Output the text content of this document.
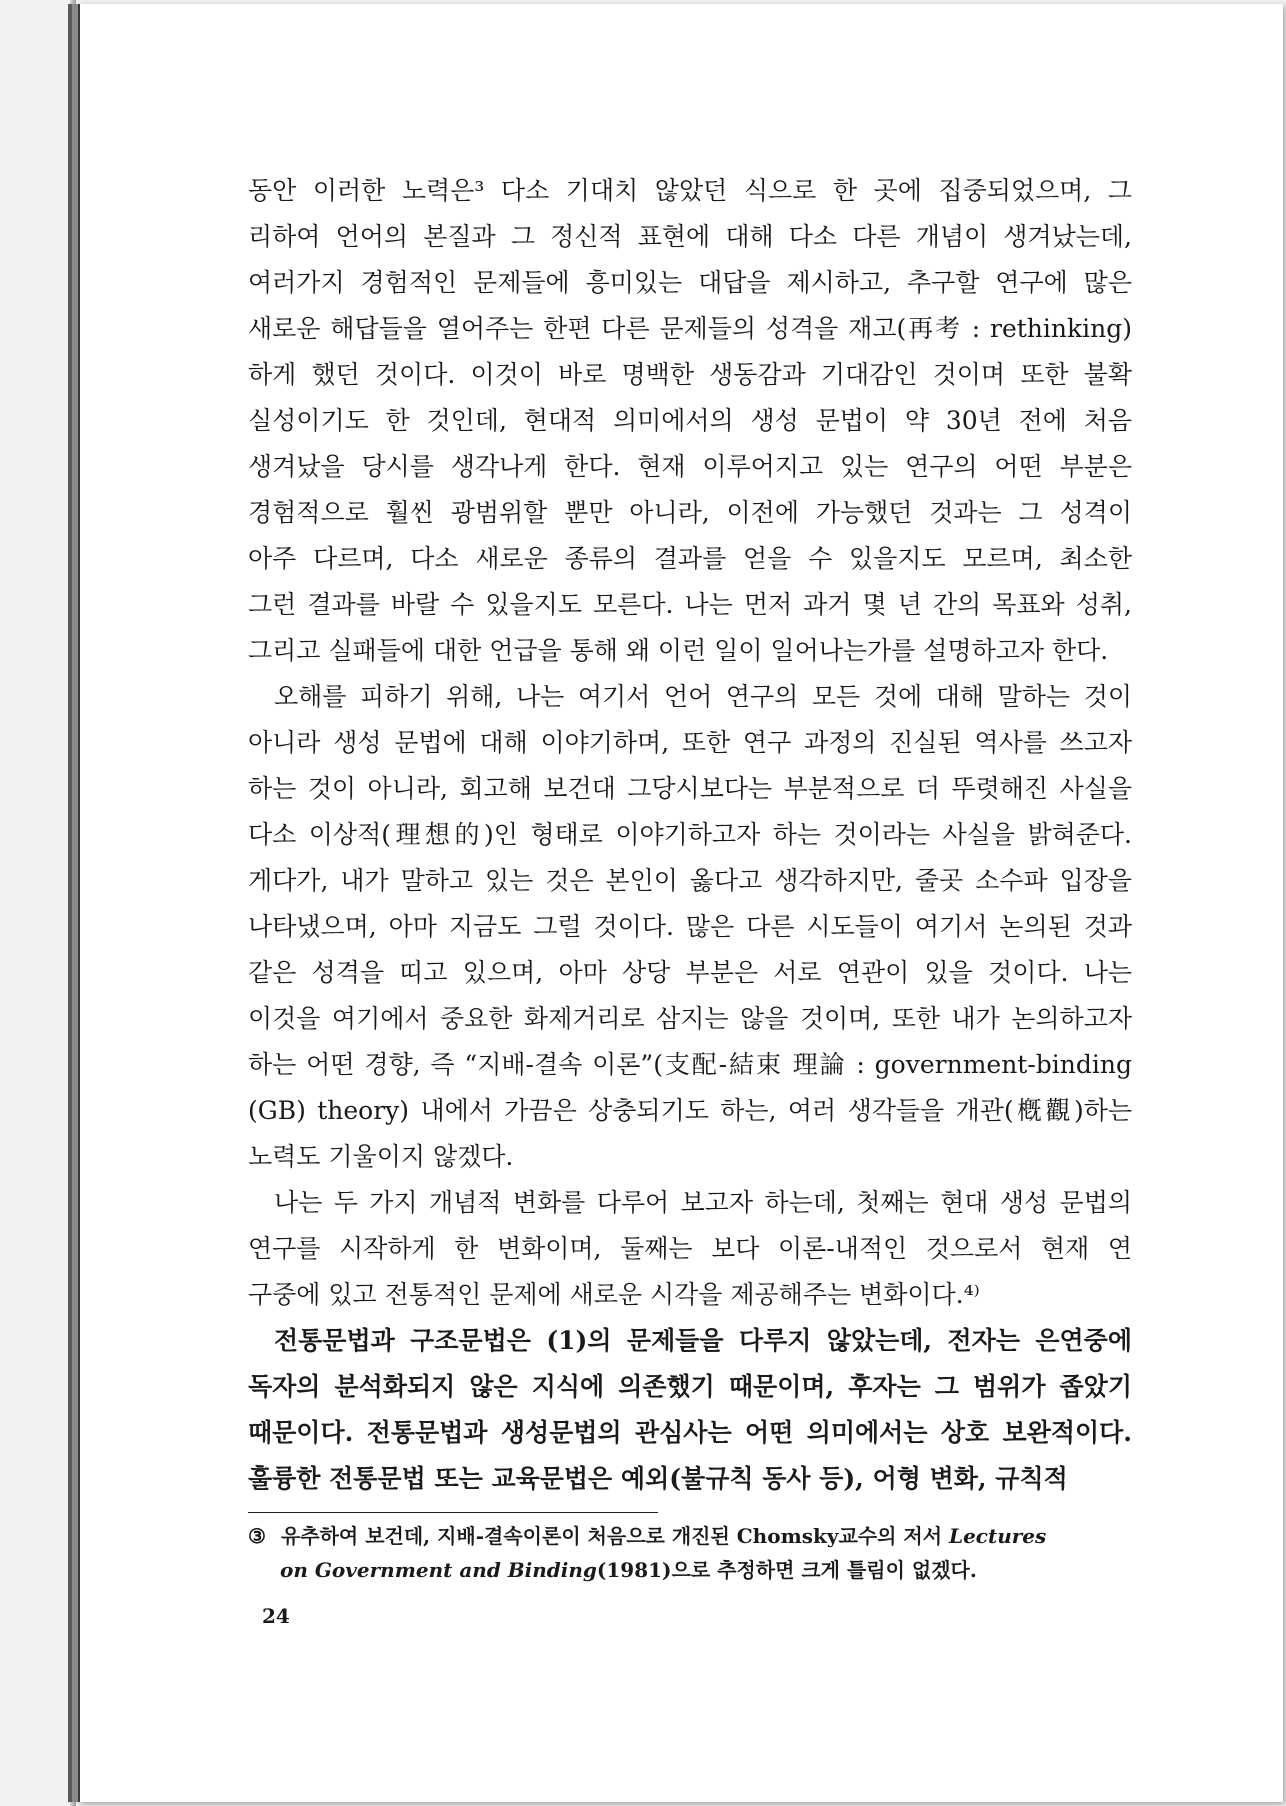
동안 이러한 노력은³ 다소 기대치 않았던 식으로 한 곳에 집중되었으며, 그
리하여 언어의 본질과 그 정신적 표현에 대해 다소 다른 개념이 생겨났는데,
여러가지 경험적인 문제들에 흥미있는 대답을 제시하고, 추구할 연구에 많은
새로운 해답들을 열어주는 한편 다른 문제들의 성격을 재고(再考 : rethinking)
하게 했던 것이다. 이것이 바로 명백한 생동감과 기대감인 것이며 또한 불확
실성이기도 한 것인데, 현대적 의미에서의 생성 문법이 약 30년 전에 처음
생겨났을 당시를 생각나게 한다. 현재 이루어지고 있는 연구의 어떤 부분은
경험적으로 훨씬 광범위할 뿐만 아니라, 이전에 가능했던 것과는 그 성격이
아주 다르며, 다소 새로운 종류의 결과를 얻을 수 있을지도 모르며, 최소한
그런 결과를 바랄 수 있을지도 모른다. 나는 먼저 과거 몇 년 간의 목표와 성취,
그리고 실패들에 대한 언급을 통해 왜 이런 일이 일어나는가를 설명하고자 한다.
오해를 피하기 위해, 나는 여기서 언어 연구의 모든 것에 대해 말하는 것이
아니라 생성 문법에 대해 이야기하며, 또한 연구 과정의 진실된 역사를 쓰고자
하는 것이 아니라, 회고해 보건대 그당시보다는 부분적으로 더 뚜렷해진 사실을
다소 이상적(理想的)인 형태로 이야기하고자 하는 것이라는 사실을 밝혀준다.
게다가, 내가 말하고 있는 것은 본인이 옳다고 생각하지만, 줄곳 소수파 입장을
나타냈으며, 아마 지금도 그럴 것이다. 많은 다른 시도들이 여기서 논의된 것과
같은 성격을 띠고 있으며, 아마 상당 부분은 서로 연관이 있을 것이다. 나는
이것을 여기에서 중요한 화제거리로 삼지는 않을 것이며, 또한 내가 논의하고자
하는 어떤 경향, 즉 “지배-결속 이론”(支配-結束 理論 : government-binding
(GB) theory) 내에서 가끔은 상충되기도 하는, 여러 생각들을 개관(槪觀)하는
노력도 기울이지 않겠다.
나는 두 가지 개념적 변화를 다루어 보고자 하는데, 첫째는 현대 생성 문법의
연구를 시작하게 한 변화이며, 둘째는 보다 이론-내적인 것으로서 현재 연
구중에 있고 전통적인 문제에 새로운 시각을 제공해주는 변화이다.⁴⁾
전통문법과 구조문법은 (1)의 문제들을 다루지 않았는데, 전자는 은연중에
독자의 분석화되지 않은 지식에 의존했기 때문이며, 후자는 그 범위가 좁았기
때문이다. 전통문법과 생성문법의 관심사는 어떤 의미에서는 상호 보완적이다.
훌륭한 전통문법 또는 교육문법은 예외(불규칙 동사 등), 어형 변화, 규칙적
③ 유추하여 보건데, 지배-결속이론이 처음으로 개진된 Chomsky교수의 저서 Lectures
on Government and Binding(1981)으로 추정하면 크게 틀림이 없겠다.
24
